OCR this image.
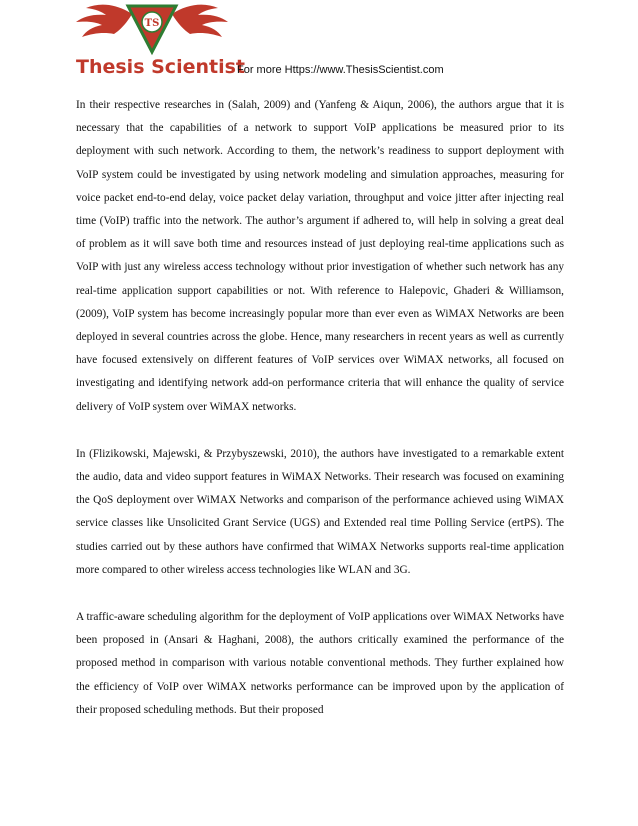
TS
Thesis Scientist
For more Https://www.ThesisScientist.com

In their respective researches in (Salah, 2009) and (Yanfeng & Aiqun, 2006), the authors argue that it is necessary that the capabilities of a network to support VoIP applications be measured prior to its deployment with such network. According to them, the network’s readiness to support deployment with VoIP system could be investigated by using network modeling and simulation approaches, measuring for voice packet end-to-end delay, voice packet delay variation, throughput and voice jitter after injecting real time (VoIP) traffic into the network. The author’s argument if adhered to, will help in solving a great deal of problem as it will save both time and resources instead of just deploying real-time applications such as VoIP with just any wireless access technology without prior investigation of whether such network has any real-time application support capabilities or not. With reference to Halepovic, Ghaderi & Williamson, (2009), VoIP system has become increasingly popular more than ever even as WiMAX Networks are been deployed in several countries across the globe. Hence, many researchers in recent years as well as currently have focused extensively on different features of VoIP services over WiMAX networks, all focused on investigating and identifying network add-on performance criteria that will enhance the quality of service delivery of VoIP system over WiMAX networks.

In (Flizikowski, Majewski, & Przybyszewski, 2010), the authors have investigated to a remarkable extent the audio, data and video support features in WiMAX Networks. Their research was focused on examining the QoS deployment over WiMAX Networks and comparison of the performance achieved using WiMAX service classes like Unsolicited Grant Service (UGS) and Extended real time Polling Service (ertPS). The studies carried out by these authors have confirmed that WiMAX Networks supports real-time application more compared to other wireless access technologies like WLAN and 3G.

A traffic-aware scheduling algorithm for the deployment of VoIP applications over WiMAX Networks have been proposed in (Ansari & Haghani, 2008), the authors critically examined the performance of the proposed method in comparison with various notable conventional methods. They further explained how the efficiency of VoIP over WiMAX networks performance can be improved upon by the application of their proposed scheduling methods. But their proposed
